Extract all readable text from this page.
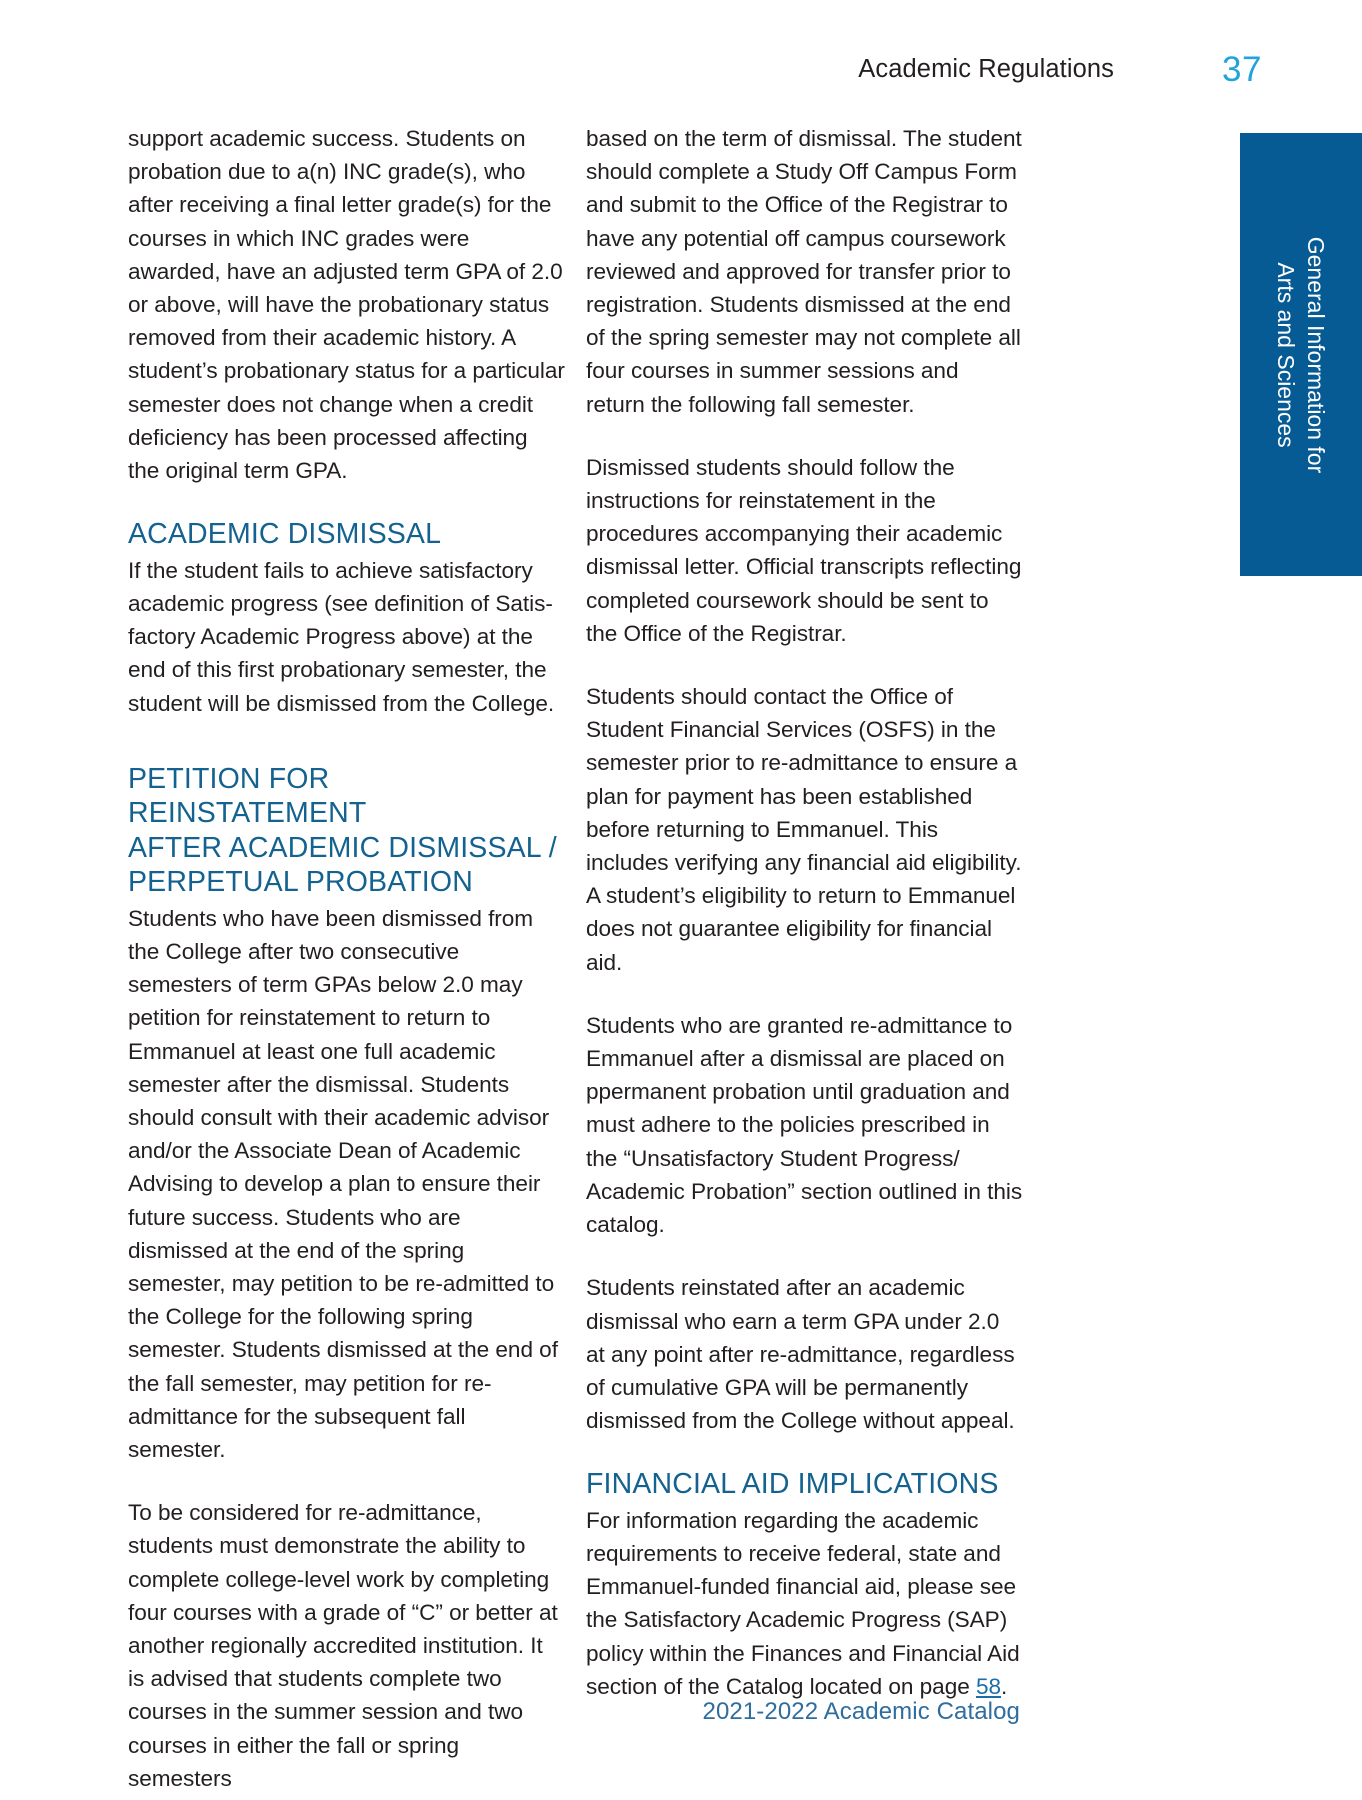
Academic Regulations	37
General Information for
Arts and Sciences

support academic success. Students on probation due to a(n) INC grade(s), who after receiving a final letter grade(s) for the courses in which INC grades were awarded, have an adjusted term GPA of 2.0 or above, will have the probationary status removed from their academic history. A student’s probationary status for a particular semester does not change when a credit deficiency has been processed affecting the original term GPA.

ACADEMIC DISMISSAL

If the student fails to achieve satisfactory academic progress (see definition of Satis-factory Academic Progress above) at the end of this first probationary semester, the student will be dismissed from the College.

PETITION FOR REINSTATEMENT
AFTER ACADEMIC DISMISSAL /
PERPETUAL PROBATION

Students who have been dismissed from the College after two consecutive semesters of term GPAs below 2.0 may petition for reinstatement to return to Emmanuel at least one full academic semester after the dismissal. Students should consult with their academic advisor and/or the Associate Dean of Academic Advising to develop a plan to ensure their future success. Students who are dismissed at the end of the spring semester, may petition to be re-admitted to the College for the following spring semester. Students dismissed at the end of the fall semester, may petition for re-admittance for the subsequent fall semester.

To be considered for re-admittance, students must demonstrate the ability to complete college-level work by completing four courses with a grade of “C” or better at another regionally accredited institution. It is advised that students complete two courses in the summer session and two courses in either the fall or spring semesters

based on the term of dismissal. The student should complete a Study Off Campus Form and submit to the Office of the Registrar to have any potential off campus coursework reviewed and approved for transfer prior to registration. Students dismissed at the end of the spring semester may not complete all four courses in summer sessions and return the following fall semester.

Dismissed students should follow the instructions for reinstatement in the procedures accompanying their academic dismissal letter. Official transcripts reflecting completed coursework should be sent to the Office of the Registrar.

Students should contact the Office of Student Financial Services (OSFS) in the semester prior to re-admittance to ensure a plan for payment has been established before returning to Emmanuel. This includes verifying any financial aid eligibility. A student’s eligibility to return to Emmanuel does not guarantee eligibility for financial aid.

Students who are granted re-admittance to Emmanuel after a dismissal are placed on ppermanent probation until graduation and must adhere to the policies prescribed in the “Unsatisfactory Student Progress/ Academic Probation” section outlined in this catalog.

Students reinstated after an academic dismissal who earn a term GPA under 2.0 at any point after re-admittance, regardless of cumulative GPA will be permanently dismissed from the College without appeal.

FINANCIAL AID IMPLICATIONS

For information regarding the academic requirements to receive federal, state and Emmanuel-funded financial aid, please see the Satisfactory Academic Progress (SAP) policy within the Finances and Financial Aid section of the Catalog located on page 58.

2021-2022 Academic Catalog
